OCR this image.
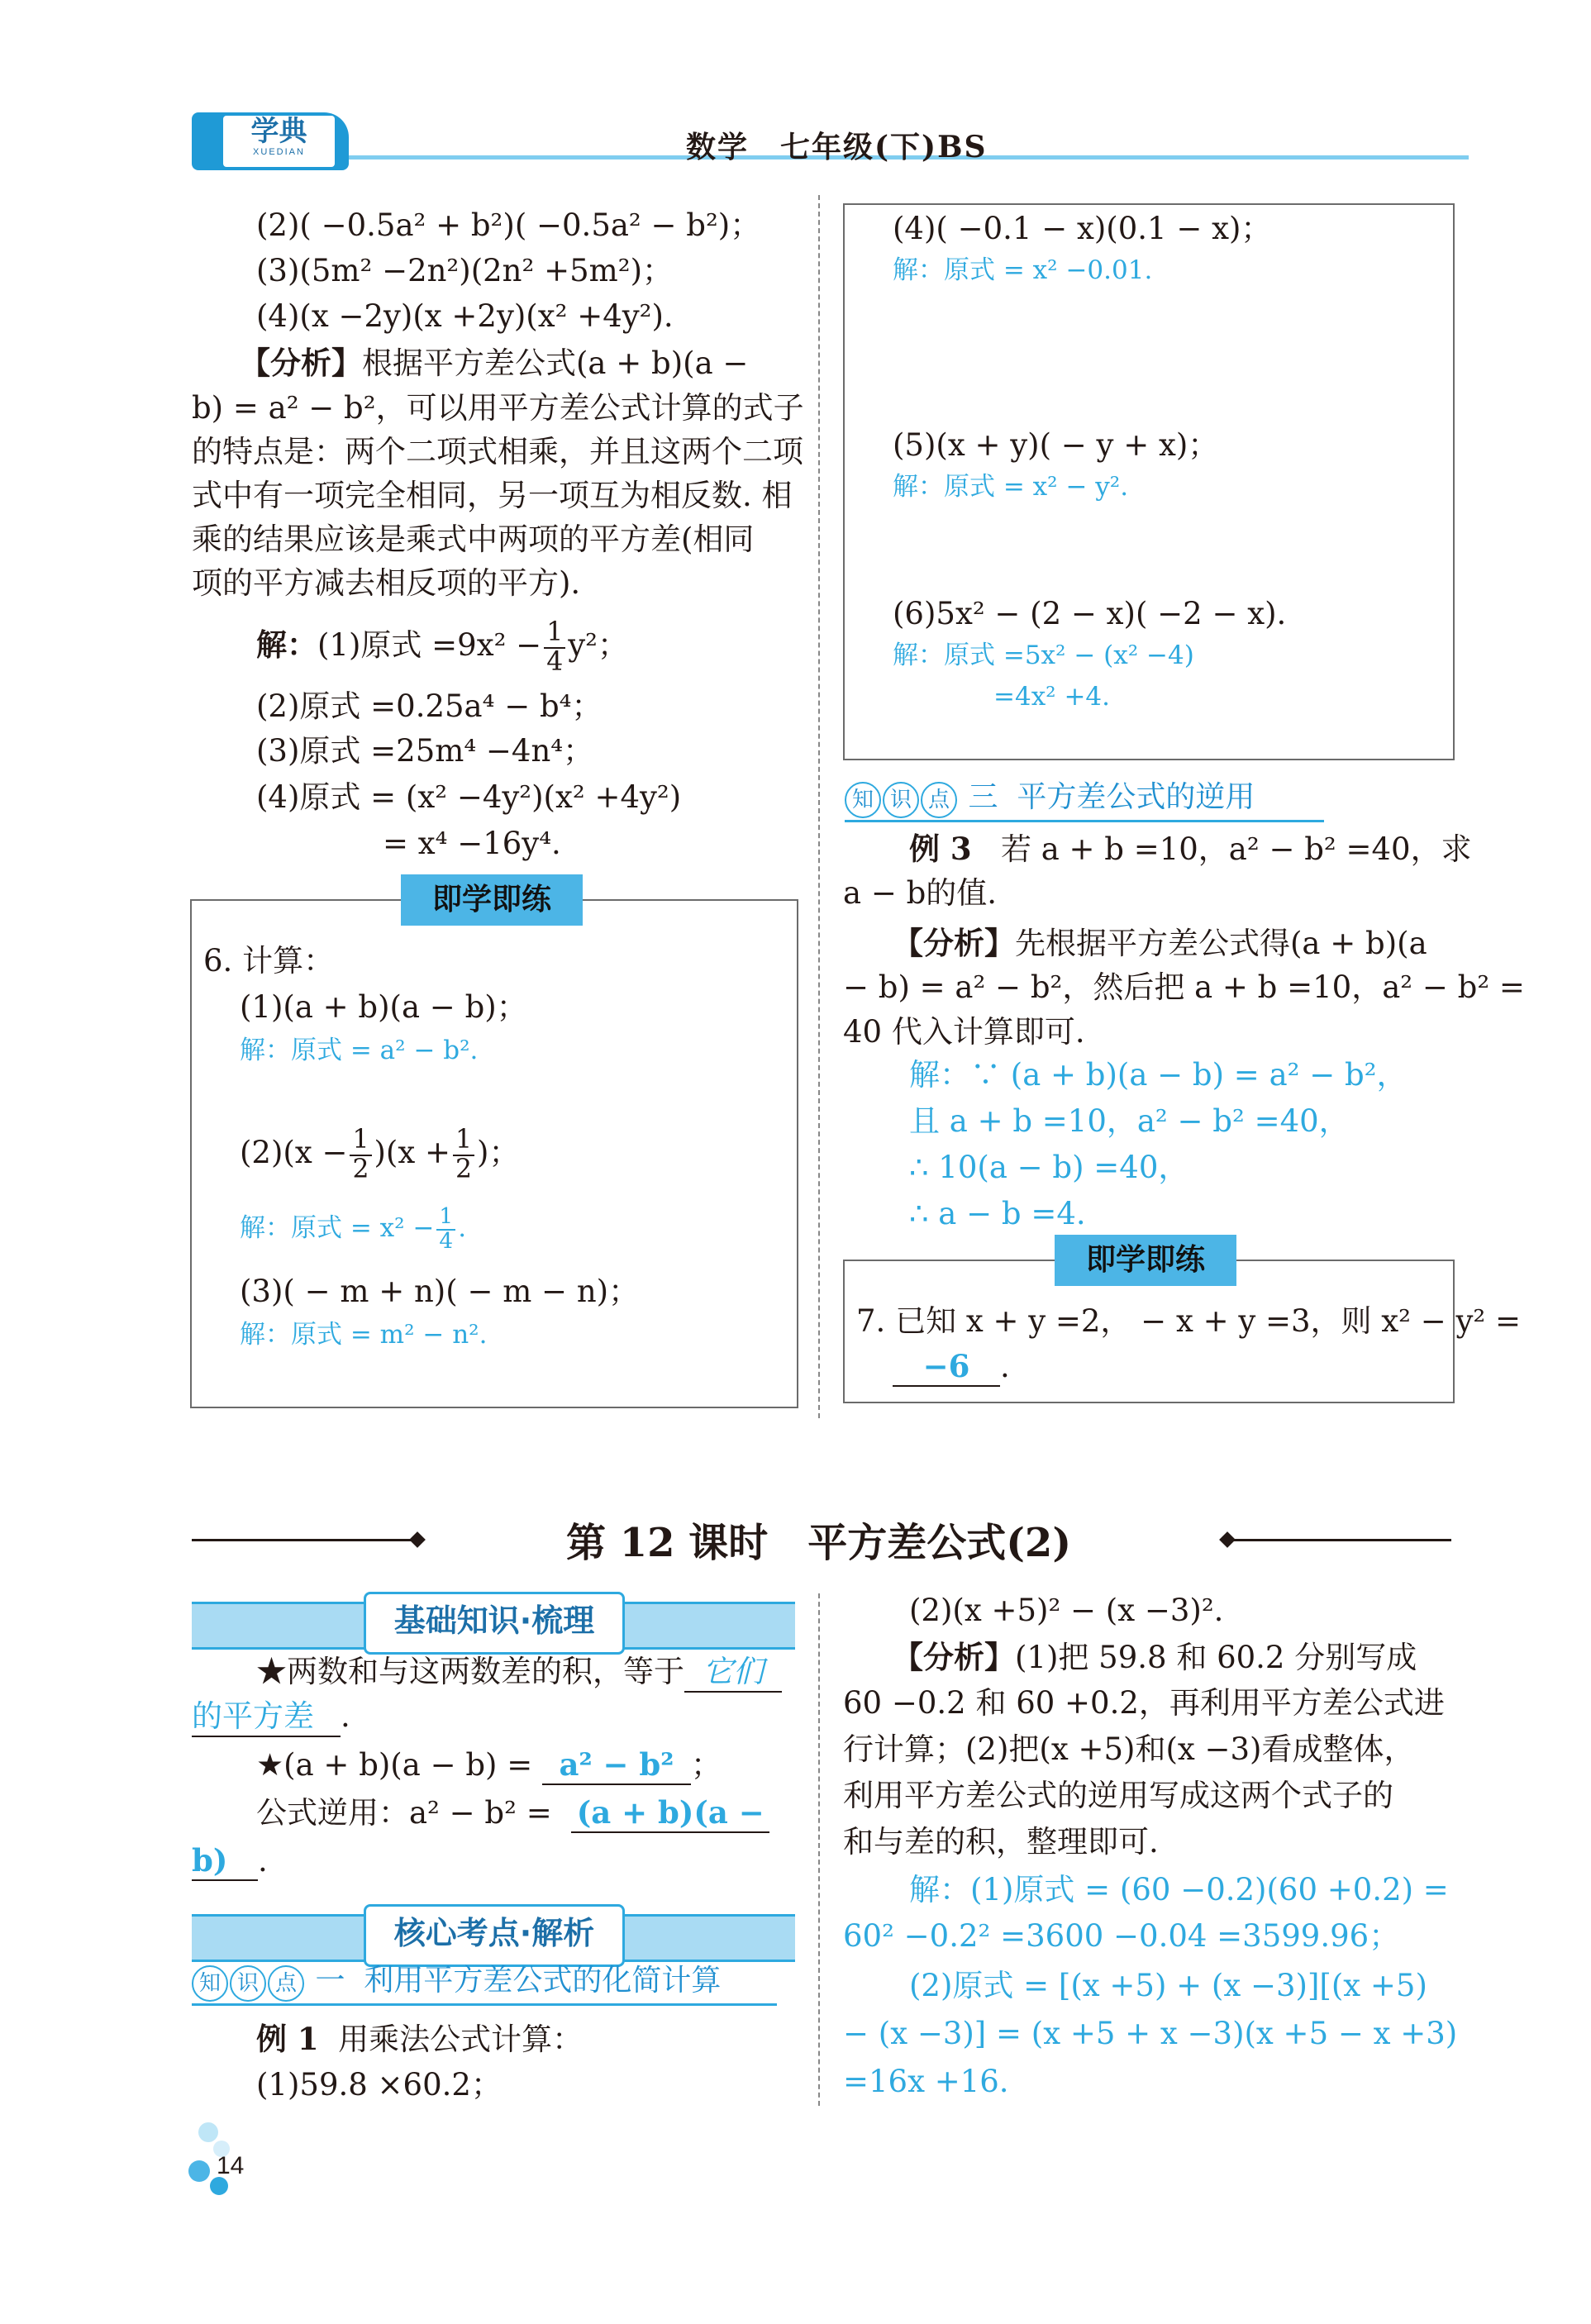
学典
XUEDIAN	数学　七年级(下)BS
(2)( −0.5a² + b²)( −0.5a² − b²)；
(3)(5m² −2n²)(2n² +5m²)；
(4)(x −2y)(x +2y)(x² +4y²).
【分析】根据平方差公式(a + b)(a −
b) = a² − b²，可以用平方差公式计算的式子
的特点是：两个二项式相乘，并且这两个二项
式中有一项完全相同，另一项互为相反数. 相
乘的结果应该是乘式中两项的平方差(相同
项的平方减去相反项的平方).
解：(1)原式 $=9x^2 - \frac{1}{4} y^2$；
(2)原式 =0.25a⁴ − b⁴；
(3)原式 =25m⁴ −4n⁴；
(4)原式 = (x² −4y²)(x² +4y²)
= x⁴ −16y⁴.
即学即练
6. 计算：
(1)(a + b)(a − b)；
解：原式 = a² − b².
$(2)(x - \frac{1}{2} )(x + \frac{1}{2}$ )；
解：原式 = $x^2 - \frac{1}{4}$ .
(3)( − m + n)( − m − n)；
解：原式 = m² − n².
(4)( −0.1 − x)(0.1 − x)；
解：原式 = x² −0.01.
(5)(x + y)( − y + x)；
解：原式 = x² − y².
(6)5x² − (2 − x)( −2 − x).
解：原式 =5x² − (x² −4)
=4x² +4.
知 识 点 三 平方差公式的逆用
例 3 若 a + b =10，a² − b² =40，求
a − b的值.
【分析】先根据平方差公式得(a + b)(a
− b) = a² − b²，然后把 a + b =10，a² − b² =
40 代入计算即可.
解：∵ (a + b)(a − b) = a² − b²，
且 a + b =10，a² − b² =40，
∴ 10(a − b) =40，
∴ a − b =4.
即学即练
7. 已知 x + y =2， − x + y =3，则 x² − y² =
−6 .
第 12 课时　平方差公式(2)
基础知识·梳理
★两数和与这两数差的积，等于 它们
的平方差 .
★(a + b)(a − b) = a² − b² ；
公式逆用：a² − b² = (a + b)(a −
b) .
核心考点·解析
知 识 点 一 利用平方差公式的化简计算
例 1 用乘法公式计算：
(1)59.8 ×60.2；
(2)(x +5)² − (x −3)².
【分析】(1)把 59.8 和 60.2 分别写成
60 −0.2 和 60 +0.2，再利用平方差公式进
行计算；(2)把(x +5)和(x −3)看成整体，
利用平方差公式的逆用写成这两个式子的
和与差的积，整理即可.
解：(1)原式 = (60 −0.2)(60 +0.2) =
60² −0.2² =3600 −0.04 =3599.96；
(2)原式 = [(x +5) + (x −3)][(x +5)
− (x −3)] = (x +5 + x −3)(x +5 − x +3)
=16x +16.
14
